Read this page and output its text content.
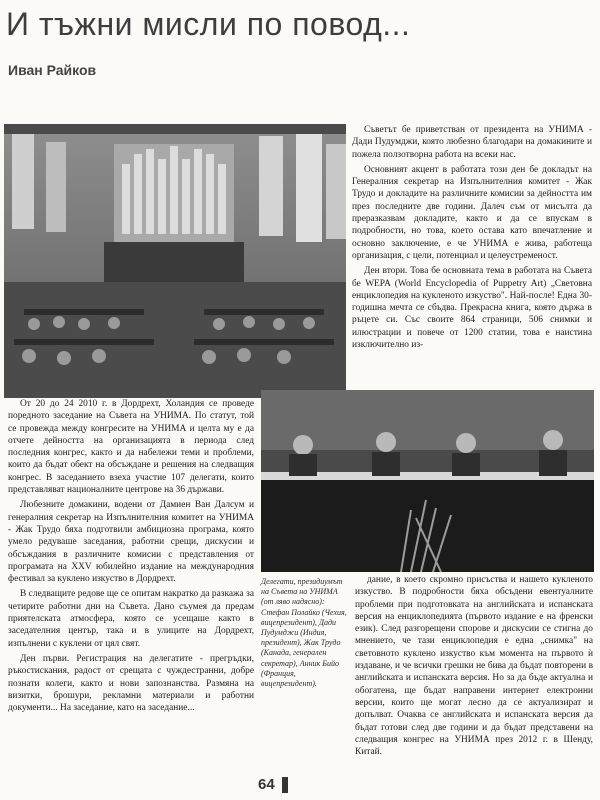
И тъжни мисли по повод...
Иван Райков

От 20 до 24 2010 г. в Дордрехт, Холандия се проведе поредното заседание на Съвета на УНИМА. По статут, той се провежда между конгресите на УНИМА и целта му е да отчете дейността на организацията в периода след последния конгрес, както и да набележи теми и проблеми, които да бъдат обект на обсъждане и решения на следващия конгрес. В заседанието взеха участие 107 делегати, които представляват националните центрове на 36 държави.

Любезните домакини, водени от Дамиен Ван Далсум и генералния секретар на Изпълнителния комитет на УНИМА - Жак Трудо бяха подготвили амбициозна програма, която умело редуваше заседания, работни срещи, дискусии и обсъждания в различните комисии с представления от програмата на XXV юбилейно издание на международния фестивал за куклено изкуство в Дордрехт.

В следващите редове ще се опитам накратко да разкажа за четирите работни дни на Съвета. Дано съумея да предам приятелската атмосфера, която се усещаше както в заседателния център, така и в улиците на Дордрехт, изпълнени с куклени от цял свят.

Ден първи. Регистрация на делегатите - прегръдки, ръкостискания, радост от срещата с чуждестранни, добре познати колеги, както и нови запознанства. Размяна на визитки, брошури, рекламни материали и работни документи... На заседание, като на заседание...

Съветът бе приветстван от президента на УНИМА - Дади Пудумджи, която любезно благодари на домакините и пожела ползотворна работа на всеки нас.

Основният акцент в работата този ден бе докладът на Генералния секретар на Изпълнителния комитет - Жак Трудо и докладите на различните комисии за дейността им през последните две години. Далеч съм от мисълта да преразказвам докладите, както и да се впускам в подробности, но това, което остава като впечатление и основно заключение, е че УНИМА е жива, работеща организация, с цели, потенциал и целеустременост.

Ден втори. Това бе основната тема в работата на Съвета бе WEPA (World Encyclopedia of Puppetry Art) „Световна енциклопедия на кукленото изкуство". Най-после! Една 30-годишна мечта се сбъдва. Прекрасна книга, която държа в ръцете си. Със своите 864 страници, 506 снимки и илюстрации и повече от 1200 статии, това е наистина изключително из-

Делегати, президиумът на Съвета на УНИМА (от ляво надясно): Стефан Полайко (Чехия, вицепрезидент), Дади Пудумджи (Индия, президент), Жак Трудо (Канада, генерален секретар), Анник Бийо (Франция, вицепрезидент).

дание, в което скромно присъства и нашето кукленото изкуство. В подробности бяха обсъдени евентуалните проблеми при подготовката на английската и испанската версия на енциклопедията (първото издание е на френски език). След разгорещени спорове и дискусии се стигна до мнението, че тази енциклопедия е една „снимка" на световното куклено изкуство към момента на първото ѝ издаване, и че всички грешки не бива да бъдат повторени в английската и испанската версия. Но за да бъде актуална и обогатена, ще бъдат направени интернет електронни версии, които ще могат лесно да се актуализират и допълват. Очаква се английската и испанската версия да бъдат готови след две години и да бъдат представени на следващия конгрес на УНИМА през 2012 г. в Шенду, Китай.

64
